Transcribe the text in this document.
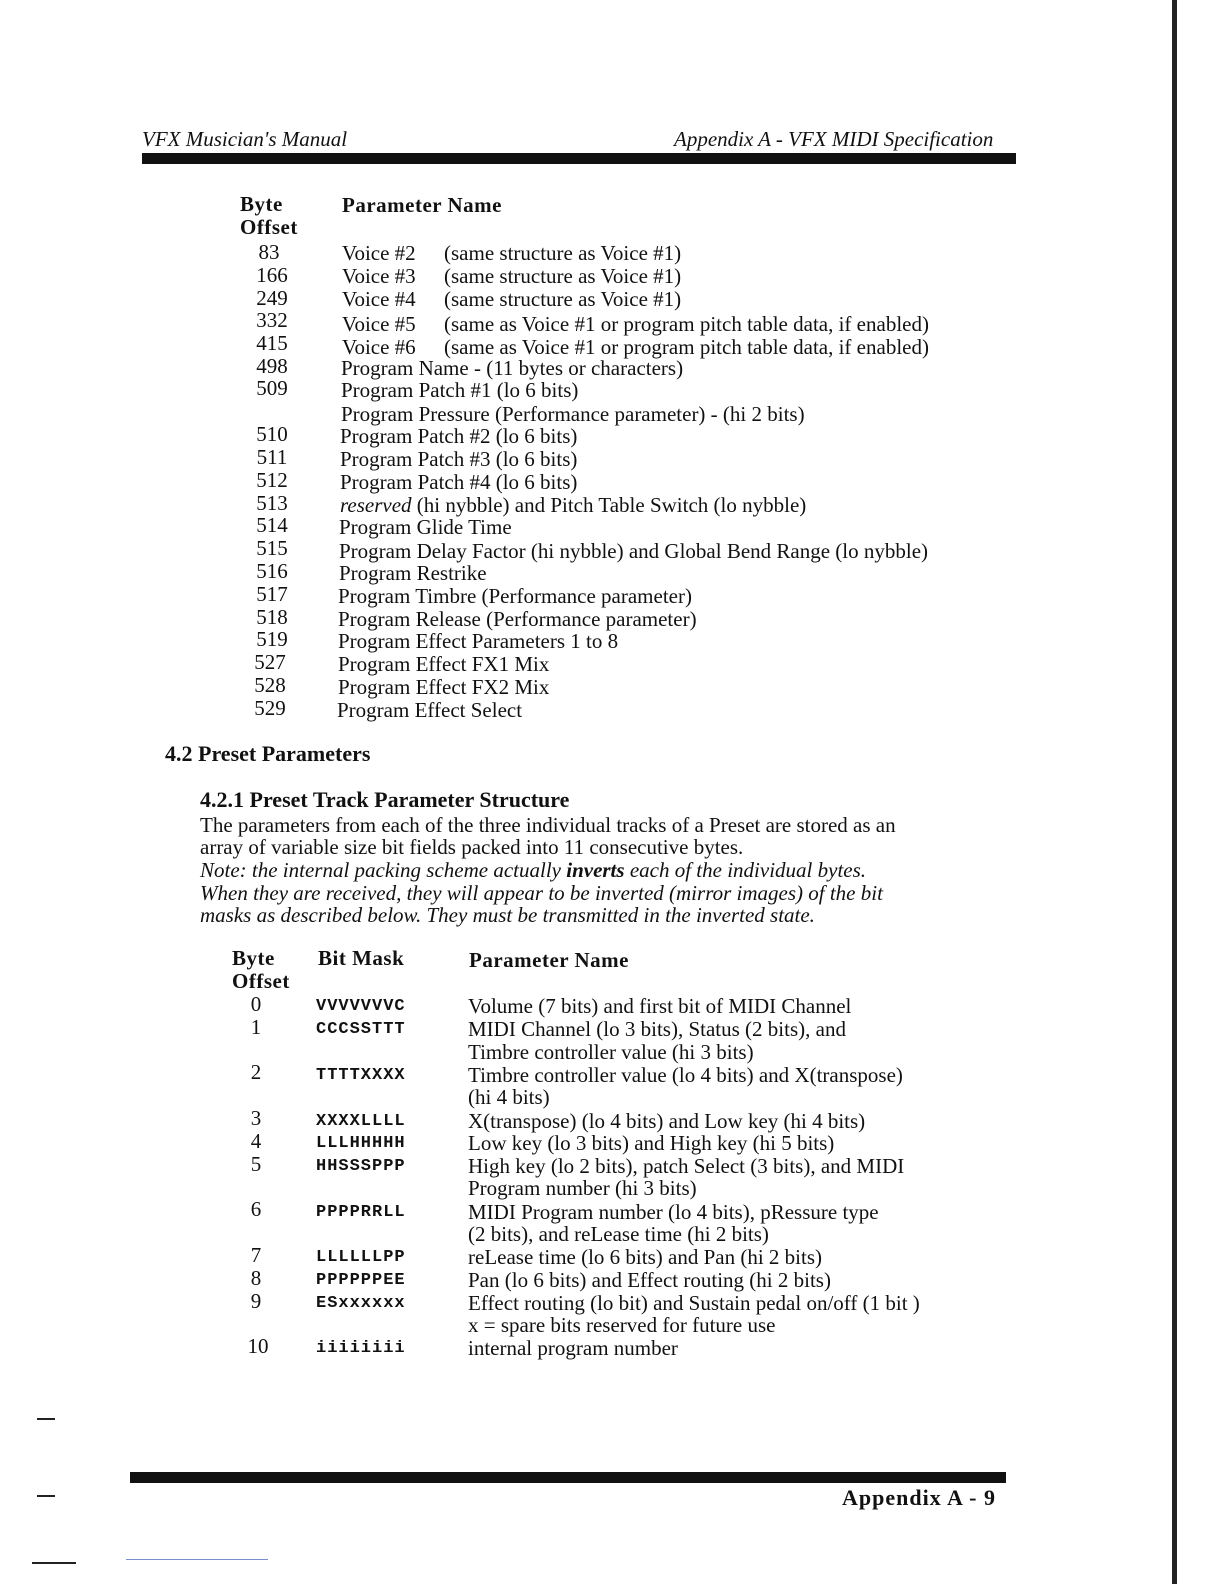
VFX Musician's Manual	Appendix A - VFX MIDI Specification
Byte
Offset
Parameter Name
83	Voice #2 (same structure as Voice #1)
166	Voice #3 (same structure as Voice #1)
249	Voice #4 (same structure as Voice #1)
332	Voice #5 (same as Voice #1 or program pitch table data, if enabled)
415	Voice #6 (same as Voice #1 or program pitch table data, if enabled)
498	Program Name - (11 bytes or characters)
509	Program Patch #1 (lo 6 bits)
Program Pressure (Performance parameter) - (hi 2 bits)
510	Program Patch #2 (lo 6 bits)
511	Program Patch #3 (lo 6 bits)
512	Program Patch #4 (lo 6 bits)
513	reserved (hi nybble) and Pitch Table Switch (lo nybble)
514	Program Glide Time
515	Program Delay Factor (hi nybble) and Global Bend Range (lo nybble)
516	Program Restrike
517	Program Timbre (Performance parameter)
518	Program Release (Performance parameter)
519	Program Effect Parameters 1 to 8
527	Program Effect FX1 Mix
528	Program Effect FX2 Mix
529	Program Effect Select
4.2 Preset Parameters
4.2.1 Preset Track Parameter Structure
The parameters from each of the three individual tracks of a Preset are stored as an
array of variable size bit fields packed into 11 consecutive bytes.
Note: the internal packing scheme actually inverts each of the individual bytes.
When they are received, they will appear to be inverted (mirror images) of the bit
masks as described below. They must be transmitted in the inverted state.
Byte
Offset
Bit Mask	Parameter Name
0	VVVVVVVC	Volume (7 bits) and first bit of MIDI Channel
1	CCCSSTTT	MIDI Channel (lo 3 bits), Status (2 bits), and
Timbre controller value (hi 3 bits)
2	TTTTXXXX	Timbre controller value (lo 4 bits) and X(transpose)
(hi 4 bits)
3	XXXXLLLL	X(transpose) (lo 4 bits) and Low key (hi 4 bits)
4	LLLHHHHH	Low key (lo 3 bits) and High key (hi 5 bits)
5	HHSSSPPP	High key (lo 2 bits), patch Select (3 bits), and MIDI
Program number (hi 3 bits)
6	PPPPRRLL	MIDI Program number (lo 4 bits), pRessure type
(2 bits), and reLease time (hi 2 bits)
7	LLLLLLPP	reLease time (lo 6 bits) and Pan (hi 2 bits)
8	PPPPPPEE	Pan (lo 6 bits) and Effect routing (hi 2 bits)
9	ESxxxxxx	Effect routing (lo bit) and Sustain pedal on/off (1 bit )
x = spare bits reserved for future use
10	iiiiiiii	internal program number
Appendix A - 9
